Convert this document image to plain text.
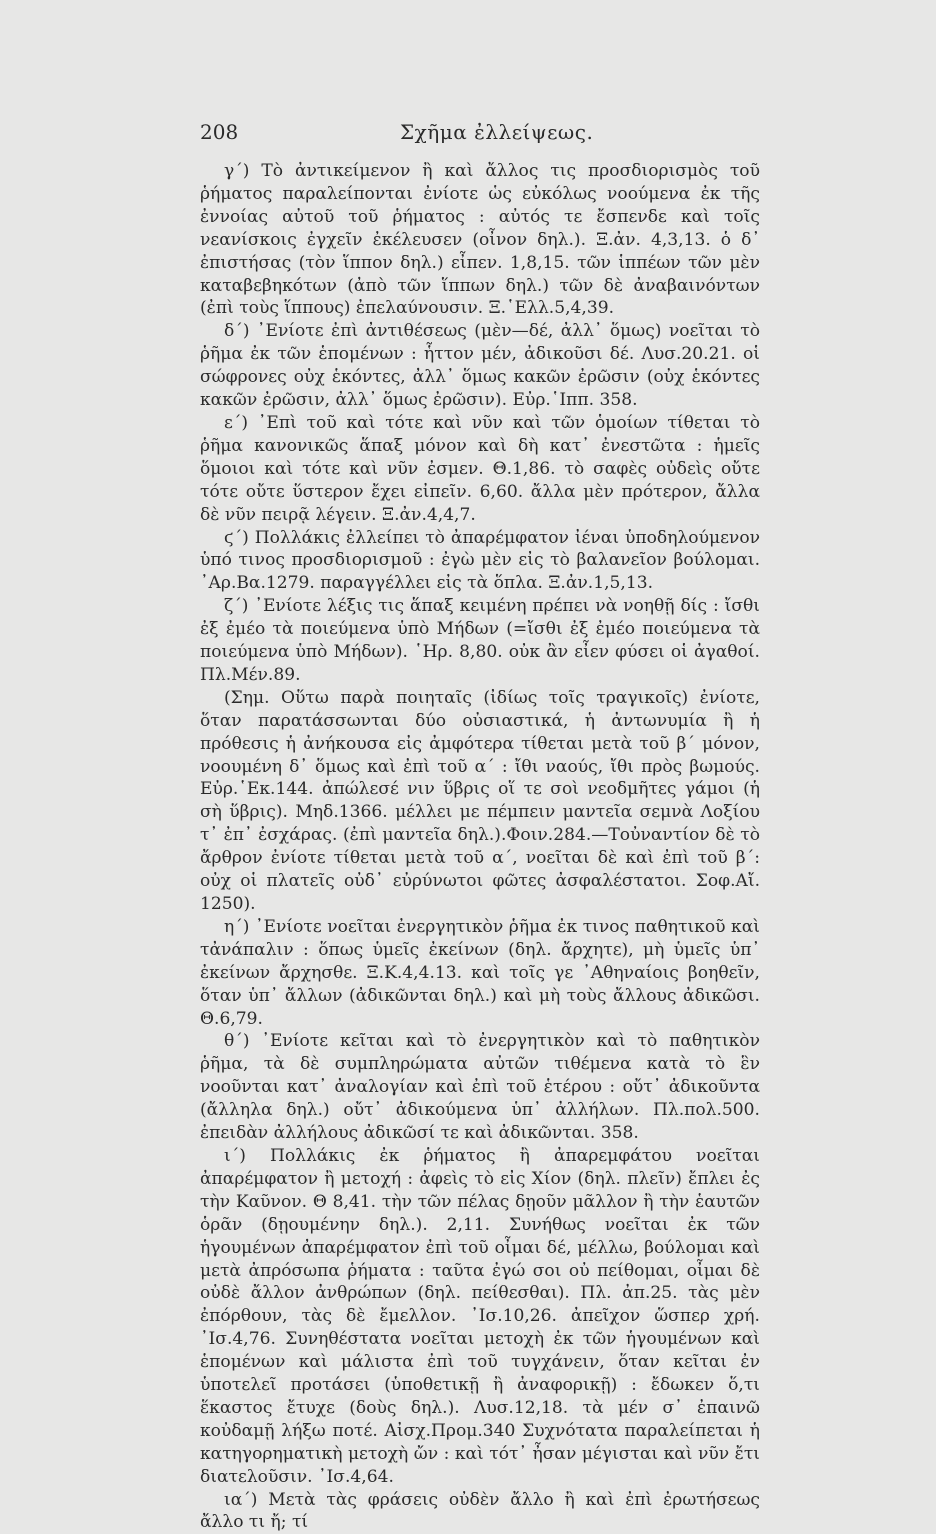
208	Σχῆμα ἐλλείψεως.

γ΄) Τὸ ἀντικείμενον ἢ καὶ ἄλλος τις προσδιορισμὸς τοῦ ῥήματος παραλείπονται ἐνίοτε ὡς εὐκόλως νοούμενα ἐκ τῆς ἐννοίας αὐτοῦ τοῦ ῥήματος : αὐτός τε ἔσπενδε καὶ τοῖς νεανίσκοις ἐγχεῖν ἐκέλευσεν (οἶνον δηλ.). Ξ.ἀν. 4,3,13. ὁ δ᾽ ἐπιστήσας (τὸν ἵππον δηλ.) εἶπεν. 1,8,15. τῶν ἱππέων τῶν μὲν καταβεβηκότων (ἀπὸ τῶν ἵππων δηλ.) τῶν δὲ ἀναβαινόντων (ἐπὶ τοὺς ἵππους) ἐπελαύνουσιν. Ξ.῾Ελλ.5,4,39.

δ΄) ᾿Ενίοτε ἐπὶ ἀντιθέσεως (μὲν—δέ, ἀλλ᾽ ὅμως) νοεῖται τὸ ῥῆμα ἐκ τῶν ἑπομένων : ἧττον μέν, ἀδικοῦσι δέ. Λυσ.20.21. οἱ σώφρονες οὐχ ἑκόντες, ἀλλ᾽ ὅμως κακῶν ἐρῶσιν (οὐχ ἑκόντες κακῶν ἐρῶσιν, ἀλλ᾽ ὅμως ἐρῶσιν). Εὐρ.῾Ιππ. 358.

ε΄) ᾿Επὶ τοῦ καὶ τότε καὶ νῦν καὶ τῶν ὁμοίων τίθεται τὸ ῥῆμα κανονικῶς ἅπαξ μόνον καὶ δὴ κατ᾽ ἐνεστῶτα : ἡμεῖς ὅμοιοι καὶ τότε καὶ νῦν ἐσμεν. Θ.1,86. τὸ σαφὲς οὐδεὶς οὔτε τότε οὔτε ὕστερον ἔχει εἰπεῖν. 6,60. ἄλλα μὲν πρότερον, ἄλλα δὲ νῦν πειρᾷ λέγειν. Ξ.ἀν.4,4,7.

ϛ΄) Πολλάκις ἐλλείπει τὸ ἀπαρέμφατον ἰέναι ὑποδηλούμενον ὑπό τινος προσδιορισμοῦ : ἐγὼ μὲν εἰς τὸ βαλανεῖον βούλομαι. ᾿Αρ.Βα.1279. παραγγέλλει εἰς τὰ ὅπλα. Ξ.ἀν.1,5,13.

ζ΄) ᾿Ενίοτε λέξις τις ἅπαξ κειμένη πρέπει νὰ νοηθῇ δίς : ἴσθι ἐξ ἐμέο τὰ ποιεύμενα ὑπὸ Μήδων (=ἴσθι ἐξ ἐμέο ποιεύμενα τὰ ποιεύμενα ὑπὸ Μήδων). ῾Ηρ. 8,80. οὐκ ἂν εἶεν φύσει οἱ ἀγαθοί. Πλ.Μέν.89.

(Σημ. Οὕτω παρὰ ποιηταῖς (ἰδίως τοῖς τραγικοῖς) ἐνίοτε, ὅταν παρατάσσωνται δύο οὐσιαστικά, ἡ ἀντωνυμία ἢ ἡ πρόθεσις ἡ ἀνήκουσα εἰς ἀμφότερα τίθεται μετὰ τοῦ β΄ μόνον, νοουμένη δ᾽ ὅμως καὶ ἐπὶ τοῦ α΄ : ἴθι ναούς, ἴθι πρὸς βωμούς. Εὐρ.῾Εκ.144. ἀπώλεσέ νιν ὕβρις οἵ τε σοὶ νεοδμῆτες γάμοι (ἡ σὴ ὕβρις). Μηδ.1366. μέλλει με πέμπειν μαντεῖα σεμνὰ Λοξίου τ᾽ ἐπ᾽ ἐσχάρας. (ἐπὶ μαντεῖα δηλ.).Φοιν.284.—Τοὐναντίον δὲ τὸ ἄρθρον ἐνίοτε τίθεται μετὰ τοῦ α΄, νοεῖται δὲ καὶ ἐπὶ τοῦ β΄: οὐχ οἱ πλατεῖς οὐδ᾽ εὐρύνωτοι φῶτες ἀσφαλέστατοι. Σοφ.Αἴ. 1250).

η΄) ᾿Ενίοτε νοεῖται ἐνεργητικὸν ῥῆμα ἐκ τινος παθητικοῦ καὶ τἀνάπαλιν : ὅπως ὑμεῖς ἐκείνων (δηλ. ἄρχητε), μὴ ὑμεῖς ὑπ᾽ ἐκείνων ἄρχησθε. Ξ.Κ.4,4.13. καὶ τοῖς γε ᾿Αθηναίοις βοηθεῖν, ὅταν ὑπ᾽ ἄλλων (ἀδικῶνται δηλ.) καὶ μὴ τοὺς ἄλλους ἀδικῶσι. Θ.6,79.

θ΄) ᾿Ενίοτε κεῖται καὶ τὸ ἐνεργητικὸν καὶ τὸ παθητικὸν ῥῆμα, τὰ δὲ συμπληρώματα αὐτῶν τιθέμενα κατὰ τὸ ἓν νοοῦνται κατ᾽ ἀναλογίαν καὶ ἐπὶ τοῦ ἑτέρου : οὔτ᾽ ἀδικοῦντα (ἄλληλα δηλ.) οὔτ᾽ ἀδικούμενα ὑπ᾽ ἀλλήλων. Πλ.πολ.500. ἐπειδὰν ἀλλήλους ἀδικῶσί τε καὶ ἀδικῶνται. 358.

ι΄) Πολλάκις ἐκ ῥήματος ἢ ἀπαρεμφάτου νοεῖται ἀπαρέμφατον ἢ μετοχή : ἀφεὶς τὸ εἰς Χίον (δηλ. πλεῖν) ἔπλει ἐς τὴν Καῦνον. Θ 8,41. τὴν τῶν πέλας δῃοῦν μᾶλλον ἢ τὴν ἑαυτῶν ὁρᾶν (δῃουμένην δηλ.). 2,11. Συνήθως νοεῖται ἐκ τῶν ἡγουμένων ἀπαρέμφατον ἐπὶ τοῦ οἶμαι δέ, μέλλω, βούλομαι καὶ μετὰ ἀπρόσωπα ῥήματα : ταῦτα ἐγώ σοι οὐ πείθομαι, οἶμαι δὲ οὐδὲ ἄλλον ἀνθρώπων (δηλ. πείθεσθαι). Πλ. ἀπ.25. τὰς μὲν ἐπόρθουν, τὰς δὲ ἔμελλον. ᾿Ισ.10,26. ἀπεῖχον ὥσπερ χρή. ᾿Ισ.4,76. Συνηθέστατα νοεῖται μετοχὴ ἐκ τῶν ἡγουμένων καὶ ἑπομένων καὶ μάλιστα ἐπὶ τοῦ τυγχάνειν, ὅταν κεῖται ἐν ὑποτελεῖ προτάσει (ὑποθετικῇ ἢ ἀναφορικῇ) : ἔδωκεν ὅ,τι ἕκαστος ἔτυχε (δοὺς δηλ.). Λυσ.12,18. τὰ μέν σ᾽ ἐπαινῶ κοὐδαμῇ λήξω ποτέ. Αἰσχ.Προμ.340 Συχνότατα παραλείπεται ἡ κατηγορηματικὴ μετοχὴ ὤν : καὶ τότ᾽ ἦσαν μέγισται καὶ νῦν ἔτι διατελοῦσιν. ᾿Ισ.4,64.

ια΄) Μετὰ τὰς φράσεις οὐδὲν ἄλλο ἢ καὶ ἐπὶ ἐρωτήσεως ἄλλο τι ἤ; τί
